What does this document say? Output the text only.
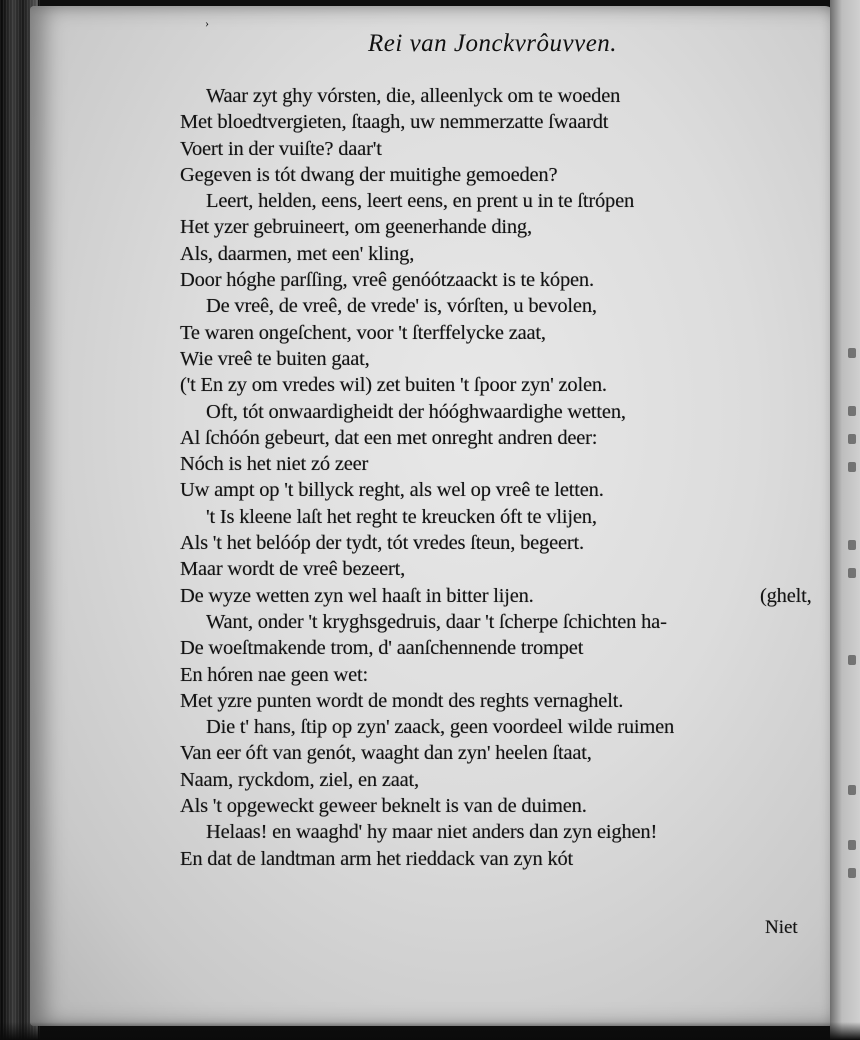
›
Rei van Jonckvrôuvven.
Waar zyt ghy vórsten, die, alleenlyck om te woeden
Met bloedtvergieten, ſtaagh, uw nemmerzatte ſwaardt
Voert in der vuiſte? daar't
Gegeven is tót dwang der muitighe gemoeden?
Leert, helden, eens, leert eens, en prent u in te ſtrópen
Het yzer gebruineert, om geenerhande ding,
Als, daarmen, met een' kling,
Door hóghe parſſing, vreê genóótzaackt is te kópen.
De vreê, de vreê, de vrede' is, vórſten, u bevolen,
Te waren ongeſchent, voor 't ſterffelycke zaat,
Wie vreê te buiten gaat,
('t En zy om vredes wil) zet buiten 't ſpoor zyn' zolen.
Oft, tót onwaardigheidt der hóóghwaardighe wetten,
Al ſchóón gebeurt, dat een met onreght andren deer:
Nóch is het niet zó zeer
Uw ampt op 't billyck reght, als wel op vreê te letten.
't Is kleene laſt het reght te kreucken óft te vlijen,
Als 't het belóóp der tydt, tót vredes ſteun, begeert.
Maar wordt de vreê bezeert,
De wyze wetten zyn wel haaſt in bitter lijen.	(ghelt,
Want, onder 't kryghsgedruis, daar 't ſcherpe ſchichten ha-
De woeſtmakende trom, d' aanſchennende trompet
En hóren nae geen wet:
Met yzre punten wordt de mondt des reghts vernaghelt.
Die t' hans, ſtip op zyn' zaack, geen voordeel wilde ruimen
Van eer óft van genót, waaght dan zyn' heelen ſtaat,
Naam, ryckdom, ziel, en zaat,
Als 't opgeweckt geweer beknelt is van de duimen.
Helaas! en waaghd' hy maar niet anders dan zyn eighen!
En dat de landtman arm het rieddack van zyn kót
Niet
